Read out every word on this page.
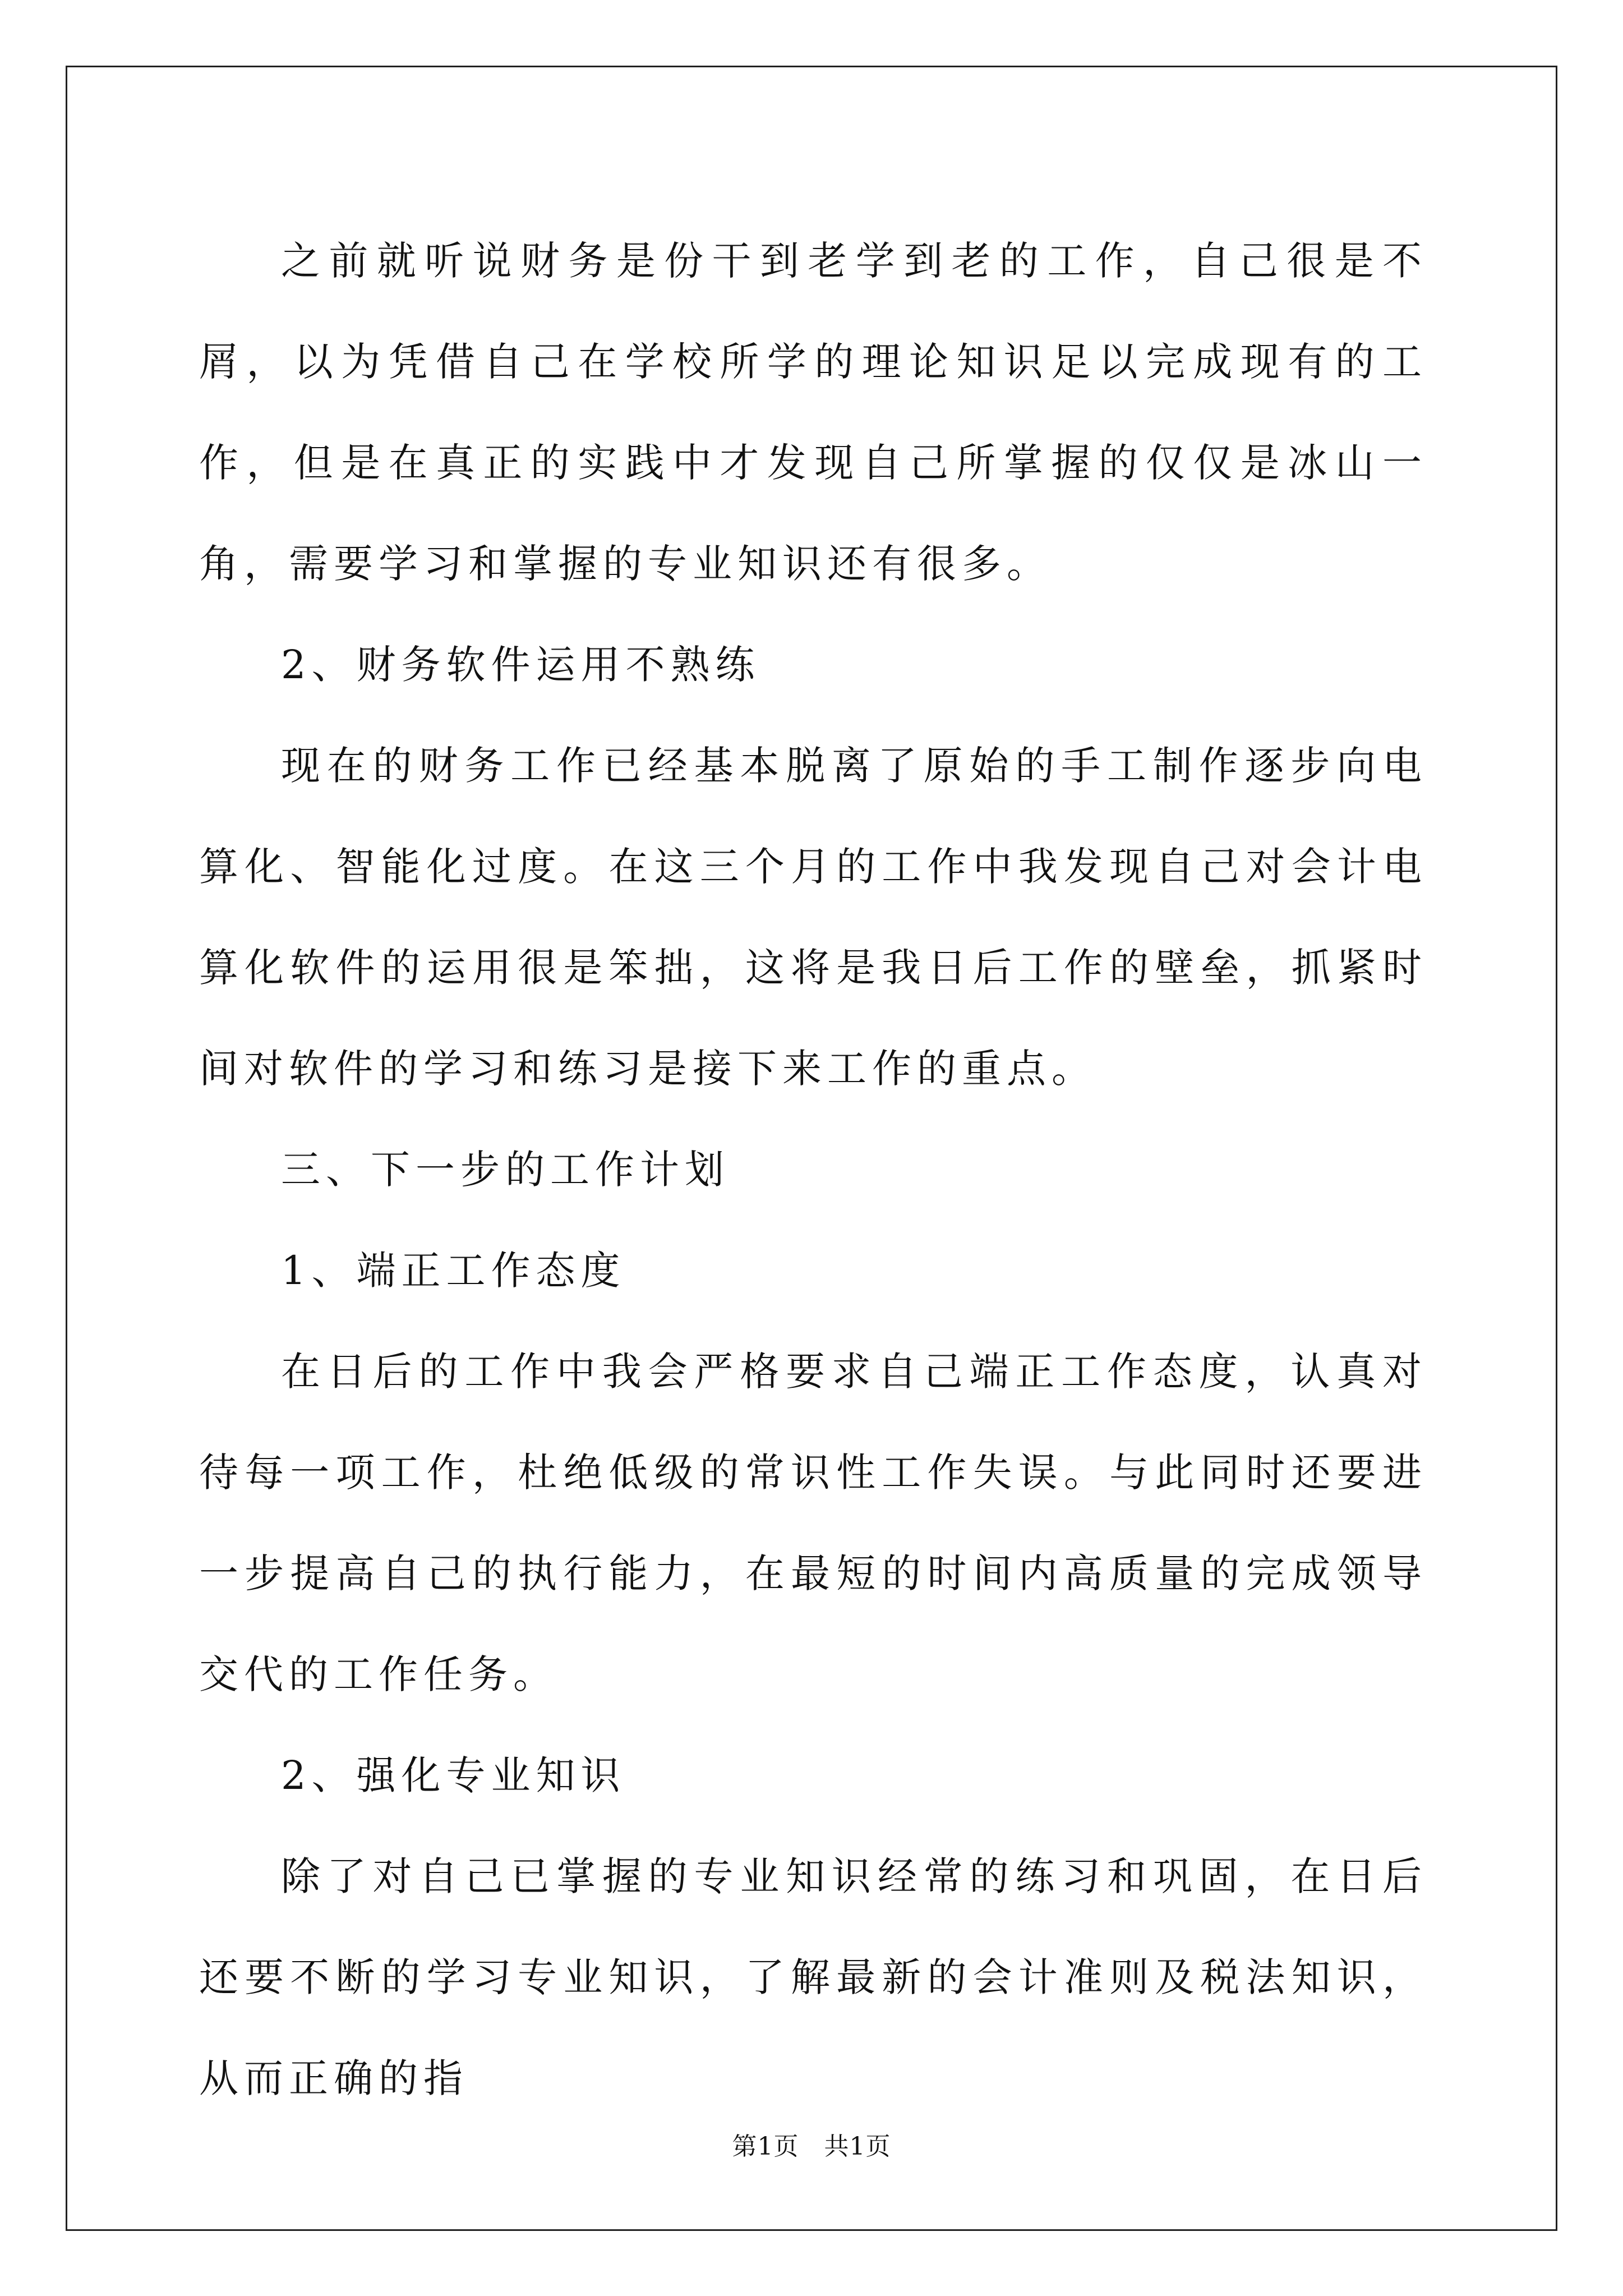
之前就听说财务是份干到老学到老的工作，自己很是不屑，以为凭借自己在学校所学的理论知识足以完成现有的工作，但是在真正的实践中才发现自己所掌握的仅仅是冰山一角，需要学习和掌握的专业知识还有很多。

2、财务软件运用不熟练

现在的财务工作已经基本脱离了原始的手工制作逐步向电算化、智能化过度。在这三个月的工作中我发现自己对会计电算化软件的运用很是笨拙，这将是我日后工作的壁垒，抓紧时间对软件的学习和练习是接下来工作的重点。

三、下一步的工作计划

1、端正工作态度

在日后的工作中我会严格要求自己端正工作态度，认真对待每一项工作，杜绝低级的常识性工作失误。与此同时还要进一步提高自己的执行能力，在最短的时间内高质量的完成领导交代的工作任务。

2、强化专业知识

除了对自己已掌握的专业知识经常的练习和巩固，在日后还要不断的学习专业知识，了解最新的会计准则及税法知识，从而正确的指

第1页　共1页
